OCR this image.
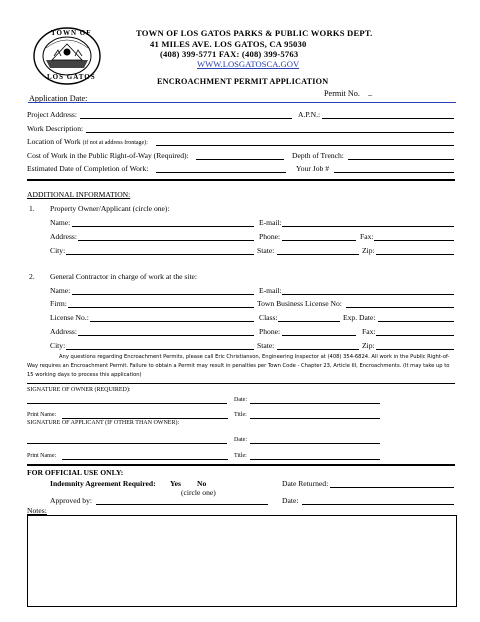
TOWN OF
LOS GATOS
TOWN OF LOS GATOS PARKS & PUBLIC WORKS DEPT.
41 MILES AVE. LOS GATOS, CA 95030
(408) 399-5771 FAX: (408) 399-5763
WWW.LOSGATOSCA.GOV
ENCROACHMENT PERMIT APPLICATION
Application Date:
Permit No. _
Project Address:	A.P.N.:
Work Description:
Location of Work (if not at address frontage):
Cost of Work in the Public Right-of-Way (Required):	Depth of Trench:
Estimated Date of Completion of Work:	Your Job #
ADDITIONAL INFORMATION:
1. Property Owner/Applicant (circle one):
Name:	E-mail:
Address:	Phone:	Fax:
City:	State:	Zip:
2. General Contractor in charge of work at the site:
Name:	E-mail:
Firm:	Town Business License No:
License No.:	Class:	Exp. Date:
Address:	Phone:	Fax:
City:	State:	Zip:
Any questions regarding Encroachment Permits, please call Eric Christianson, Engineering Inspector at (408) 354-6824. All work in the Public Right-of-Way requires an Encroachment Permit. Failure to obtain a Permit may result in penalties per Town Code - Chapter 23, Article III, Encroachments. (It may take up to 15 working days to process this application)
SIGNATURE OF OWNER (REQUIRED):
Date:
Print Name:	Title:
SIGNATURE OF APPLICANT (IF OTHER THAN OWNER):
Date:
Print Name:	Title:
FOR OFFICIAL USE ONLY:
Indemnity Agreement Required: Yes No
(circle one)
Date Returned:
Approved by:	Date:
Notes:
